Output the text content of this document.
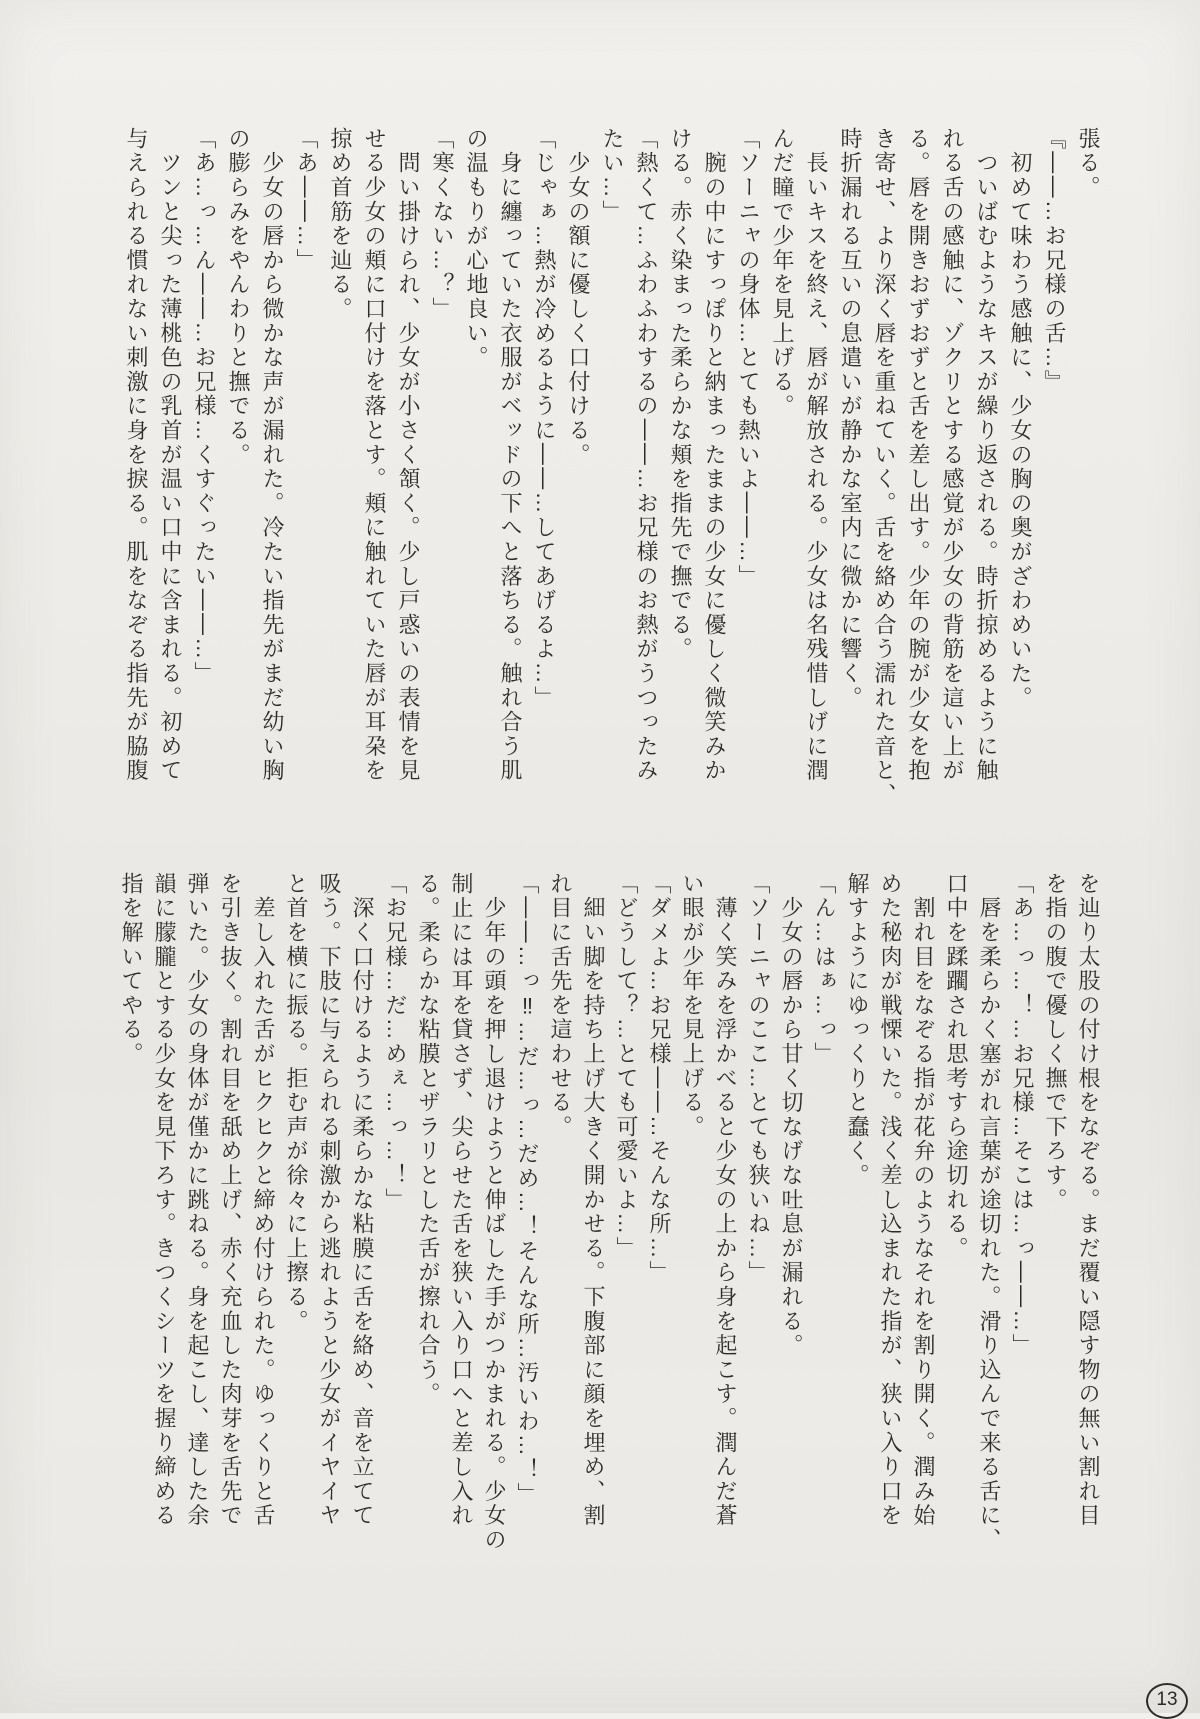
張る。

『――…お兄様の舌…』

　初めて味わう感触に、少女の胸の奥がざわめいた。

　ついばむようなキスが繰り返される。時折掠めるように触

れる舌の感触に、ゾクリとする感覚が少女の背筋を這い上が

る。唇を開きおずおずと舌を差し出す。少年の腕が少女を抱

き寄せ、より深く唇を重ねていく。舌を絡め合う濡れた音と、

時折漏れる互いの息遣いが静かな室内に微かに響く。

　長いキスを終え、唇が解放される。少女は名残惜しげに潤

んだ瞳で少年を見上げる。

「ソーニャの身体…とても熱いよ――…」

　腕の中にすっぽりと納まったままの少女に優しく微笑みか

ける。赤く染まった柔らかな頬を指先で撫でる。

「熱くて…ふわふわするの――…お兄様のお熱がうつったみ

たい…」

　少女の額に優しく口付ける。

「じゃぁ…熱が冷めるように――…してあげるよ…」

　身に纏っていた衣服がベッドの下へと落ちる。触れ合う肌

の温もりが心地良い。

「寒くない…？」

　問い掛けられ、少女が小さく頷く。少し戸惑いの表情を見

せる少女の頬に口付けを落とす。頬に触れていた唇が耳朶を

掠め首筋を辿る。

「あ――…」

　少女の唇から微かな声が漏れた。冷たい指先がまだ幼い胸

の膨らみをやんわりと撫でる。

「あ…っ…ん――…お兄様…くすぐったい――…」

　ツンと尖った薄桃色の乳首が温い口中に含まれる。初めて

与えられる慣れない刺激に身を捩る。肌をなぞる指先が脇腹

を辿り太股の付け根をなぞる。まだ覆い隠す物の無い割れ目

を指の腹で優しく撫で下ろす。

「あ…っ…！…お兄様…そこは…っ――…」

　唇を柔らかく塞がれ言葉が途切れた。滑り込んで来る舌に、

口中を蹂躙され思考すら途切れる。

　割れ目をなぞる指が花弁のようなそれを割り開く。潤み始

めた秘肉が戦慄いた。浅く差し込まれた指が、狭い入り口を

解すようにゆっくりと蠢く。

「ん…はぁ…っ」

　少女の唇から甘く切なげな吐息が漏れる。

「ソーニャのここ…とても狭いね…」

　薄く笑みを浮かべると少女の上から身を起こす。潤んだ蒼

い眼が少年を見上げる。

「ダメよ…お兄様――…そんな所…」

「どうして？…とても可愛いよ…」

　細い脚を持ち上げ大きく開かせる。下腹部に顔を埋め、割

れ目に舌先を這わせる。

「――…っ‼…だ…っ…だめ…！そんな所…汚いわ…！」

　少年の頭を押し退けようと伸ばした手がつかまれる。少女の

制止には耳を貸さず、尖らせた舌を狭い入り口へと差し入れ

る。柔らかな粘膜とザラリとした舌が擦れ合う。

「お兄様…だ…めぇ…っ…！」

　深く口付けるように柔らかな粘膜に舌を絡め、音を立てて

吸う。下肢に与えられる刺激から逃れようと少女がイヤイヤ

と首を横に振る。拒む声が徐々に上擦る。

　差し入れた舌がヒクヒクと締め付けられた。ゆっくりと舌

を引き抜く。割れ目を舐め上げ、赤く充血した肉芽を舌先で

弾いた。少女の身体が僅かに跳ねる。身を起こし、達した余

韻に朦朧とする少女を見下ろす。きつくシーツを握り締める

指を解いてやる。

13
